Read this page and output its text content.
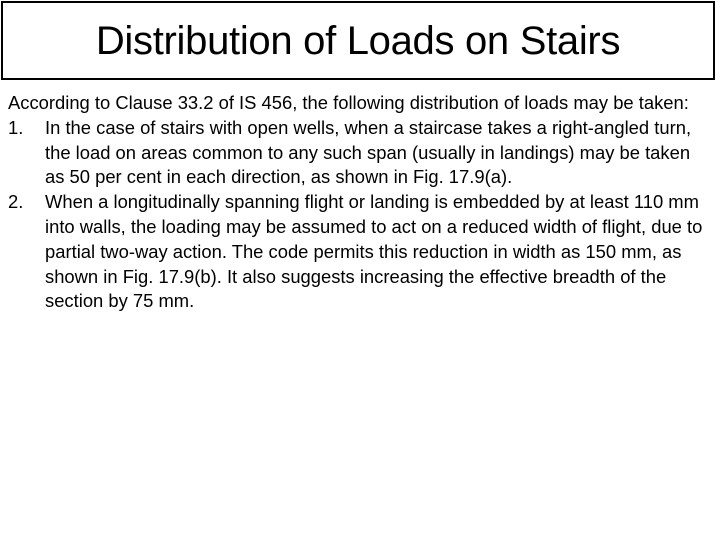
Distribution of Loads on Stairs

According to Clause 33.2 of IS 456, the following distribution of loads may be taken:

1. In the case of stairs with open wells, when a staircase takes a right-angled turn, the load on areas common to any such span (usually in landings) may be taken as 50 per cent in each direction, as shown in Fig. 17.9(a).
2. When a longitudinally spanning flight or landing is embedded by at least 110 mm into walls, the loading may be assumed to act on a reduced width of flight, due to partial two-way action. The code permits this reduction in width as 150 mm, as shown in Fig. 17.9(b). It also suggests increasing the effective breadth of the section by 75 mm.
